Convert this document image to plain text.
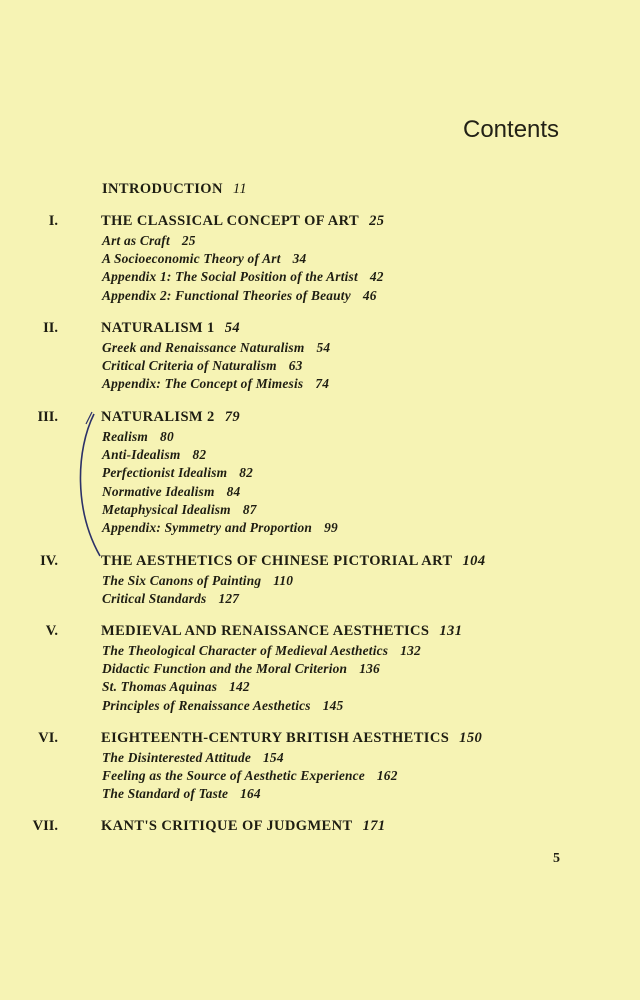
Contents
INTRODUCTION 11
I.	THE CLASSICAL CONCEPT OF ART 25
Art as Craft 25
A Socioeconomic Theory of Art 34
Appendix 1: The Social Position of the Artist 42
Appendix 2: Functional Theories of Beauty 46
II.	NATURALISM 1 54
Greek and Renaissance Naturalism 54
Critical Criteria of Naturalism 63
Appendix: The Concept of Mimesis 74
III.	NATURALISM 2 79
Realism 80
Anti-Idealism 82
Perfectionist Idealism 82
Normative Idealism 84
Metaphysical Idealism 87
Appendix: Symmetry and Proportion 99
IV.	THE AESTHETICS OF CHINESE PICTORIAL ART 104
The Six Canons of Painting 110
Critical Standards 127
V.	MEDIEVAL AND RENAISSANCE AESTHETICS 131
The Theological Character of Medieval Aesthetics 132
Didactic Function and the Moral Criterion 136
St. Thomas Aquinas 142
Principles of Renaissance Aesthetics 145
VI.	EIGHTEENTH-CENTURY BRITISH AESTHETICS 150
The Disinterested Attitude 154
Feeling as the Source of Aesthetic Experience 162
The Standard of Taste 164
VII.	KANT'S CRITIQUE OF JUDGMENT 171
5
